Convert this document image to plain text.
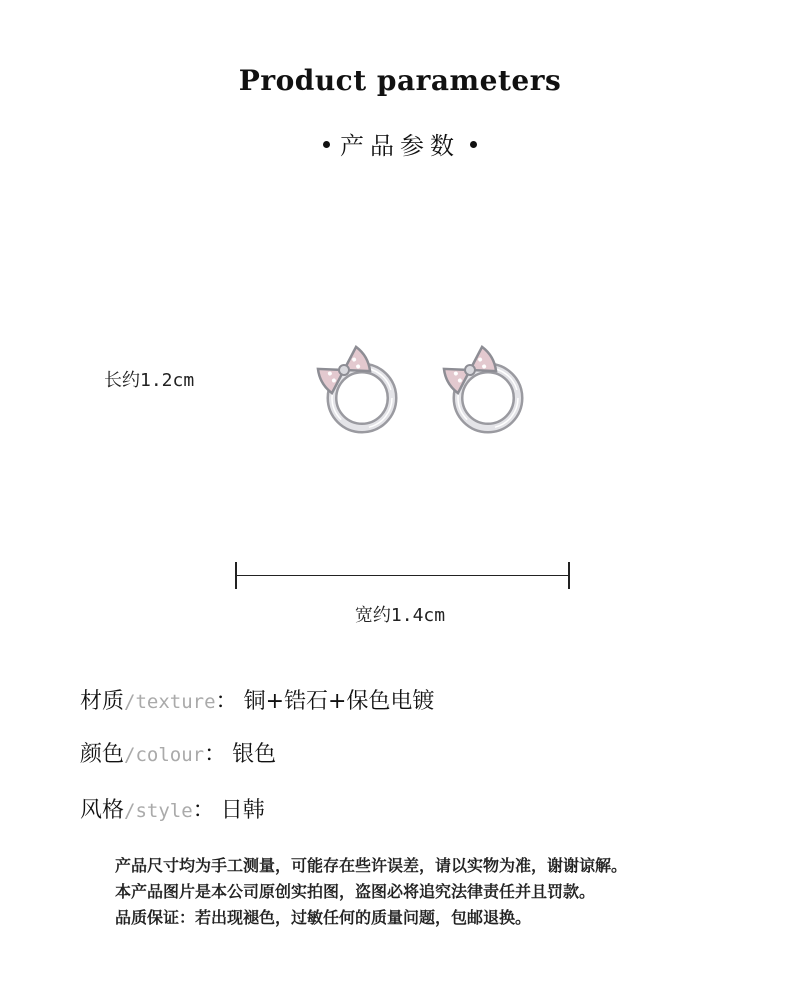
Product parameters
产品参数
长约1.2cm
宽约1.4cm
材质/texture： 铜+锆石+保色电镀
颜色/colour： 银色
风格/style： 日韩
产品尺寸均为手工测量，可能存在些许误差，请以实物为准，谢谢谅解。
本产品图片是本公司原创实拍图，盗图必将追究法律责任并且罚款。
品质保证：若出现褪色，过敏任何的质量问题，包邮退换。
